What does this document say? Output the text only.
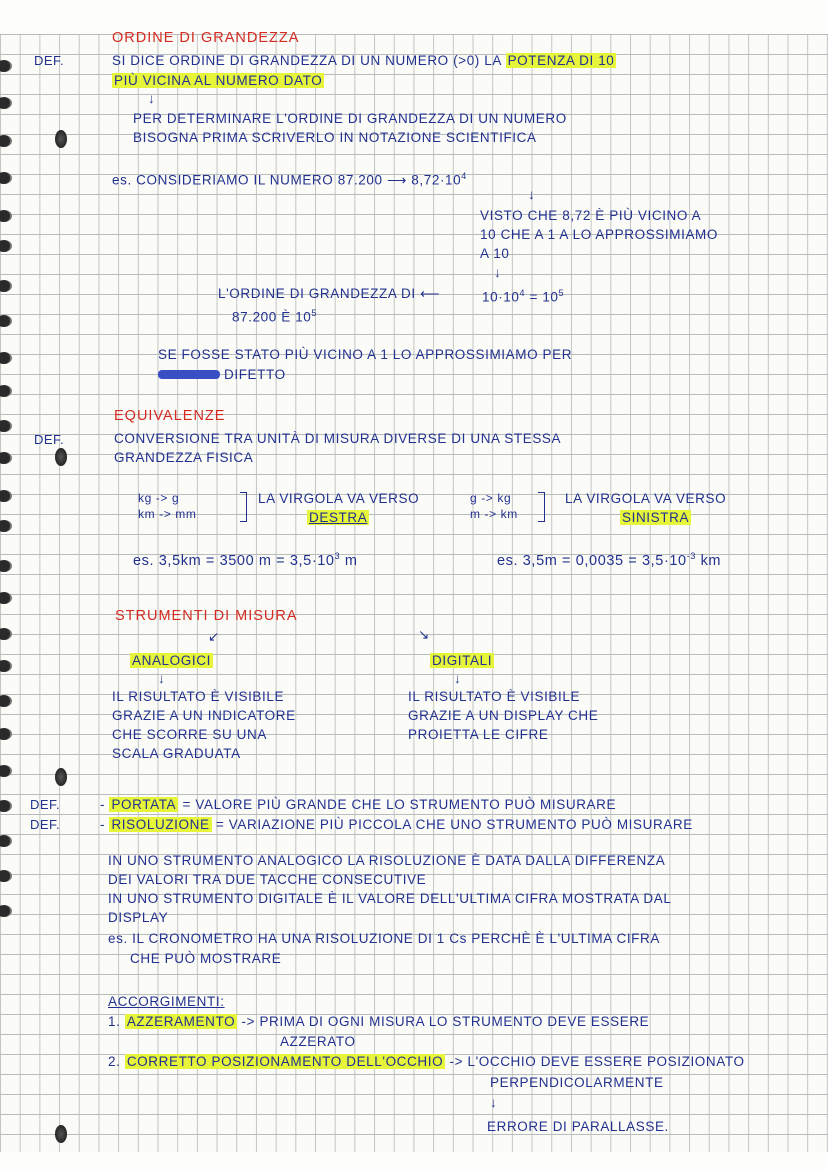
ORDINE DI GRANDEZZA
DEF.	SI DICE ORDINE DI GRANDEZZA DI UN NUMERO (>0) LA POTENZA DI 10
PIÙ VICINA AL NUMERO DATO
↓
PER DETERMINARE L'ORDINE DI GRANDEZZA DI UN NUMERO
BISOGNA PRIMA SCRIVERLO IN NOTAZIONE SCIENTIFICA
es. CONSIDERIAMO IL NUMERO 87.200 ⟶ $8,72\cdot 10^4$
↓
VISTO CHE 8,72 È PIÙ VICINO A
10 CHE A 1 A LO APPROSSIMIAMO
A 10
↓
L'ORDINE DI GRANDEZZA DI ⟵	$10\cdot 10^4 = 10^5$
87.200 È $10^5$
SE FOSSE STATO PIÙ VICINO A 1 LO APPROSSIMIAMO PER
DIFETTO
EQUIVALENZE
DEF.	CONVERSIONE TRA UNITÀ DI MISURA DIVERSE DI UNA STESSA
GRANDEZZA FISICA
kg -> g
km -> mm
LA VIRGOLA VA VERSO
DESTRA
g -> kg
m -> km
LA VIRGOLA VA VERSO
SINISTRA
es. 3,5km = 3500 $m = 3,5\cdot 10^3$ m	es. $3,5m = 0,0035 = 3,5\cdot 10^{-3}$ km
STRUMENTI DI MISURA
↙	↘
ANALOGICI	DIGITALI
↓	↓
IL RISULTATO È VISIBILE
GRAZIE A UN INDICATORE
CHE SCORRE SU UNA
SCALA GRADUATA
IL RISULTATO È VISIBILE
GRAZIE A UN DISPLAY CHE
PROIETTA LE CIFRE
DEF.
DEF.
- PORTATA = VALORE PIÙ GRANDE CHE LO STRUMENTO PUÒ MISURARE
- RISOLUZIONE = VARIAZIONE PIÙ PICCOLA CHE UNO STRUMENTO PUÒ MISURARE
IN UNO STRUMENTO ANALOGICO LA RISOLUZIONE È DATA DALLA DIFFERENZA
DEI VALORI TRA DUE TACCHE CONSECUTIVE
IN UNO STRUMENTO DIGITALE È IL VALORE DELL'ULTIMA CIFRA MOSTRATA DAL
DISPLAY
es. IL CRONOMETRO HA UNA RISOLUZIONE DI 1 Cs PERCHÈ È L'ULTIMA CIFRA
CHE PUÒ MOSTRARE
ACCORGIMENTI:
1. AZZERAMENTO -> PRIMA DI OGNI MISURA LO STRUMENTO DEVE ESSERE
AZZERATO
2. CORRETTO POSIZIONAMENTO DELL'OCCHIO -> L'OCCHIO DEVE ESSERE POSIZIONATO
PERPENDICOLARMENTE
↓
ERRORE DI PARALLASSE.
